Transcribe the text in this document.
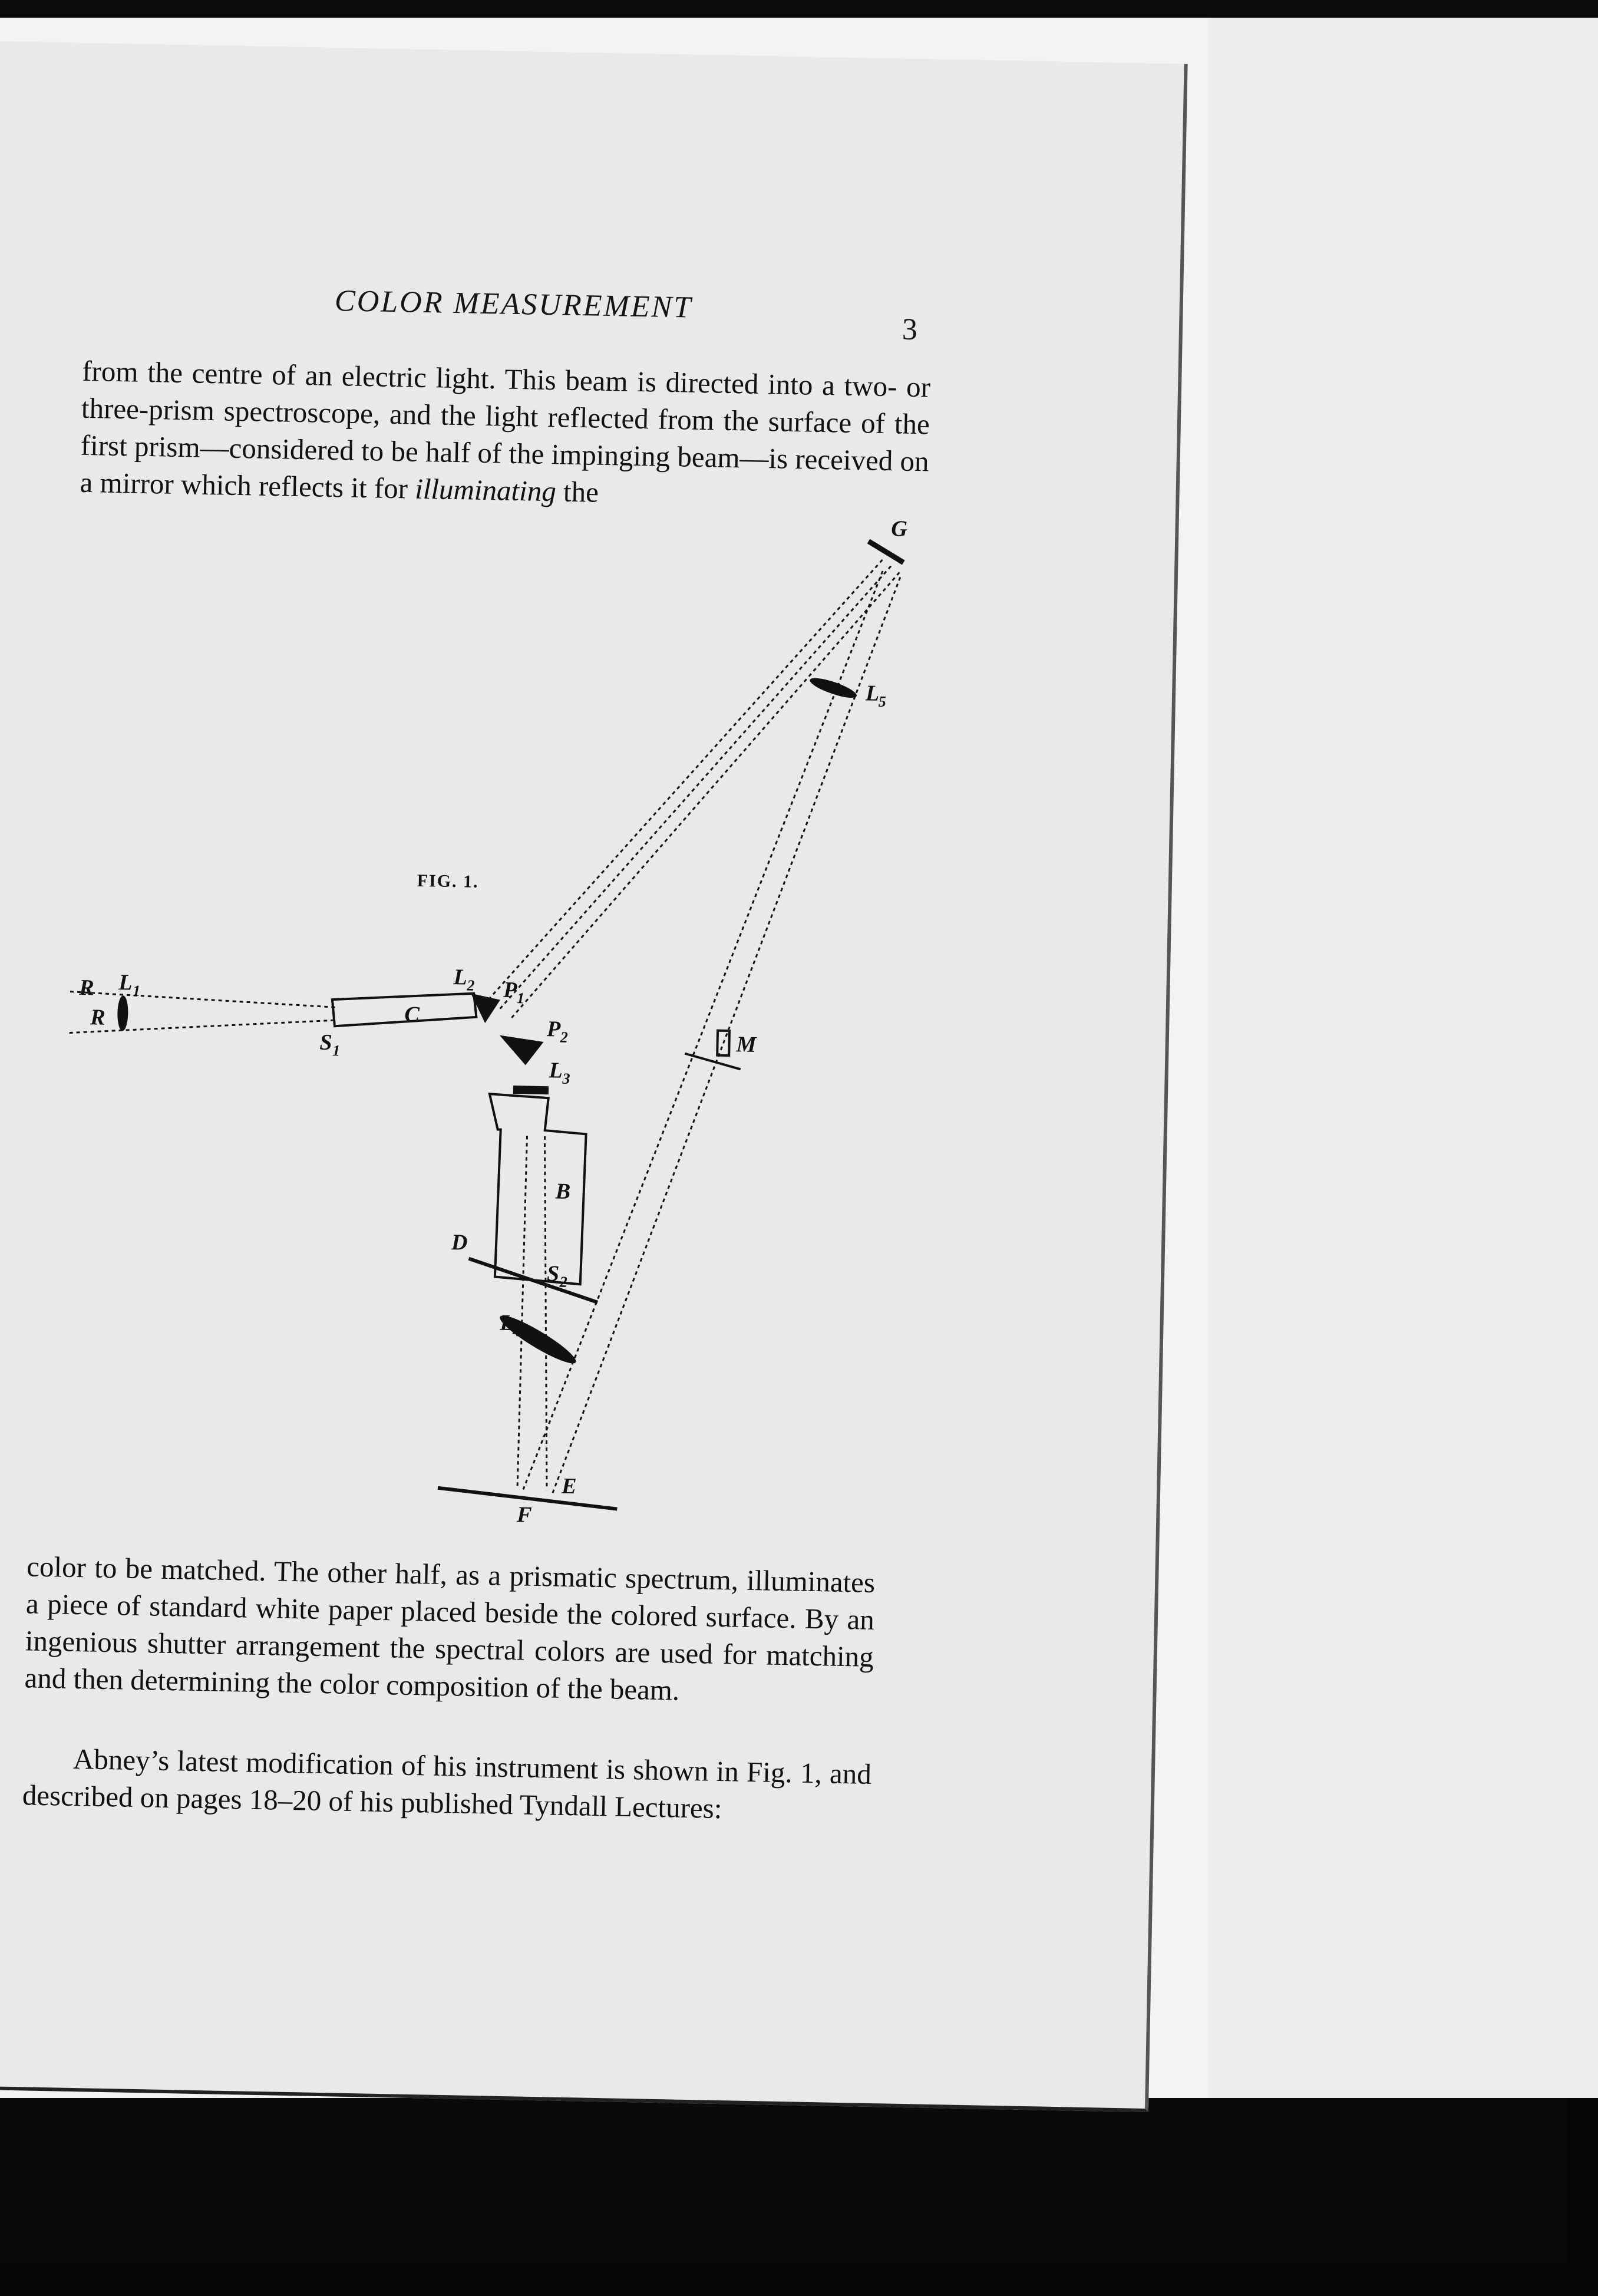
COLOR MEASUREMENT
3

from the centre of an electric light. This beam is directed into a two- or three-prism spectroscope, and the light reflected from the surface of the first prism—considered to be half of the impinging beam—is received on a mirror which reflects it for illuminating the

FIG. 1.
R L 1
R
S 1
C
L
2 P
1
P
2
L
3
B
D
S 2
L
4
G
L
5
M
E
F

color to be matched. The other half, as a prismatic spectrum, illuminates a piece of standard white paper placed beside the colored surface. By an ingenious shutter arrangement the spectral colors are used for matching and then determining the color composition of the beam.

Abney’s latest modification of his instrument is shown in Fig. 1, and described on pages 18–20 of his published Tyndall Lectures:
